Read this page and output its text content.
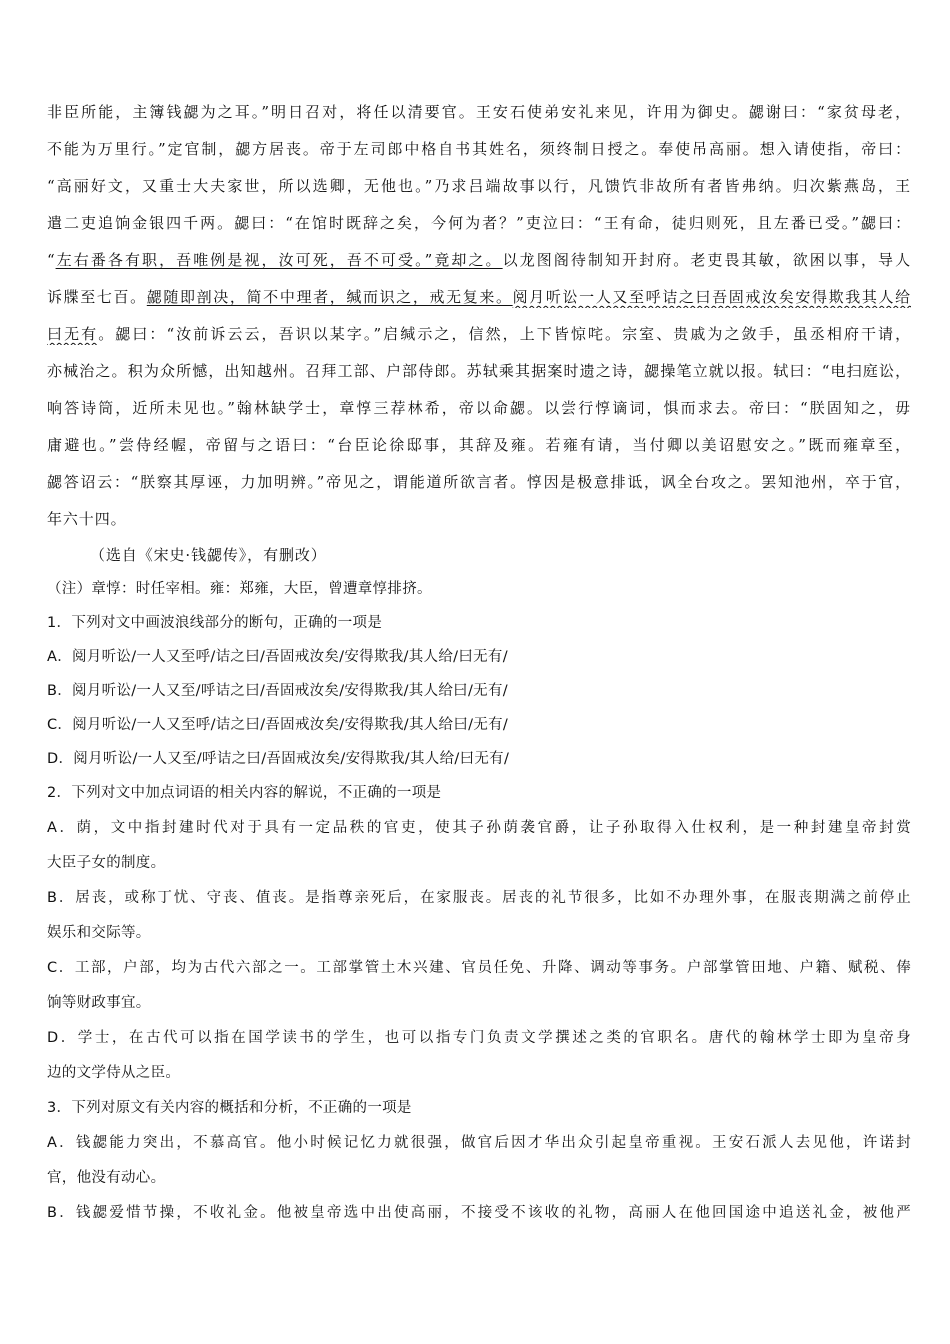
非臣所能，主簿钱勰为之耳。”明日召对，将任以清要官。王安石使弟安礼来见，许用为御史。勰谢曰：“家贫母老，
不能为万里行。”定官制，勰方居丧。帝于左司郎中格自书其姓名，须终制日授之。奉使吊高丽。想入请使指，帝曰：
“高丽好文，又重士大夫家世，所以选卿，无他也。”乃求吕端故事以行，凡馈饩非故所有者皆弗纳。归次紫燕岛，王
遣二吏追饷金银四千两。勰曰：“在馆时既辞之矣，今何为者？”吏泣曰：“王有命，徒归则死，且左番已受。”勰曰：
“左右番各有职，吾唯例是视，汝可死，吾不可受。”竟却之。以龙图阁待制知开封府。老吏畏其敏，欲困以事，导人
诉牒至七百。勰随即剖决，简不中理者，缄而识之，戒无复来。阅月听讼一人又至呼诘之曰吾固戒汝矣安得欺我其人给
曰无有。勰曰：“汝前诉云云，吾识以某字。”启缄示之，信然，上下皆惊咤。宗室、贵戚为之敛手，虽丞相府干请，
亦械治之。积为众所憾，出知越州。召拜工部、户部侍郎。苏轼乘其据案时遗之诗，勰操笔立就以报。轼曰：“电扫庭讼，
响答诗筒，近所未见也。”翰林缺学士，章惇三荐林希，帝以命勰。以尝行惇谪词，惧而求去。帝曰：“朕固知之，毋
庸避也。”尝侍经幄，帝留与之语曰：“台臣论徐邸事，其辞及雍。若雍有请，当付卿以美诏慰安之。”既而雍章至，
勰答诏云：“朕察其厚诬，力加明辨。”帝见之，谓能道所欲言者。惇因是极意排诋，讽全台攻之。罢知池州，卒于官，
年六十四。
（选自《宋史·钱勰传》，有删改）
（注）章惇：时任宰相。雍：郑雍，大臣，曾遭章惇排挤。
1．下列对文中画波浪线部分的断句，正确的一项是
A．阅月听讼/一人又至呼/诘之曰/吾固戒汝矣/安得欺我/其人给/曰无有/
B．阅月听讼/一人又至/呼诘之曰/吾固戒汝矣/安得欺我/其人给曰/无有/
C．阅月听讼/一人又至呼/诘之曰/吾固戒汝矣/安得欺我/其人给曰/无有/
D．阅月听讼/一人又至/呼诘之曰/吾固戒汝矣/安得欺我/其人给/曰无有/
2．下列对文中加点词语的相关内容的解说，不正确的一项是
A．荫，文中指封建时代对于具有一定品秩的官吏，使其子孙荫袭官爵，让子孙取得入仕权利，是一种封建皇帝封赏
大臣子女的制度。
B．居丧，或称丁忧、守丧、值丧。是指尊亲死后，在家服丧。居丧的礼节很多，比如不办理外事，在服丧期满之前停止
娱乐和交际等。
C．工部，户部，均为古代六部之一。工部掌管土木兴建、官员任免、升降、调动等事务。户部掌管田地、户籍、赋税、俸
饷等财政事宜。
D．学士，在古代可以指在国学读书的学生，也可以指专门负责文学撰述之类的官职名。唐代的翰林学士即为皇帝身
边的文学侍从之臣。
3．下列对原文有关内容的概括和分析，不正确的一项是
A．钱勰能力突出，不慕高官。他小时候记忆力就很强，做官后因才华出众引起皇帝重视。王安石派人去见他，许诺封
官，他没有动心。
B．钱勰爱惜节操，不收礼金。他被皇帝选中出使高丽，不接受不该收的礼物，高丽人在他回国途中追送礼金，被他严
